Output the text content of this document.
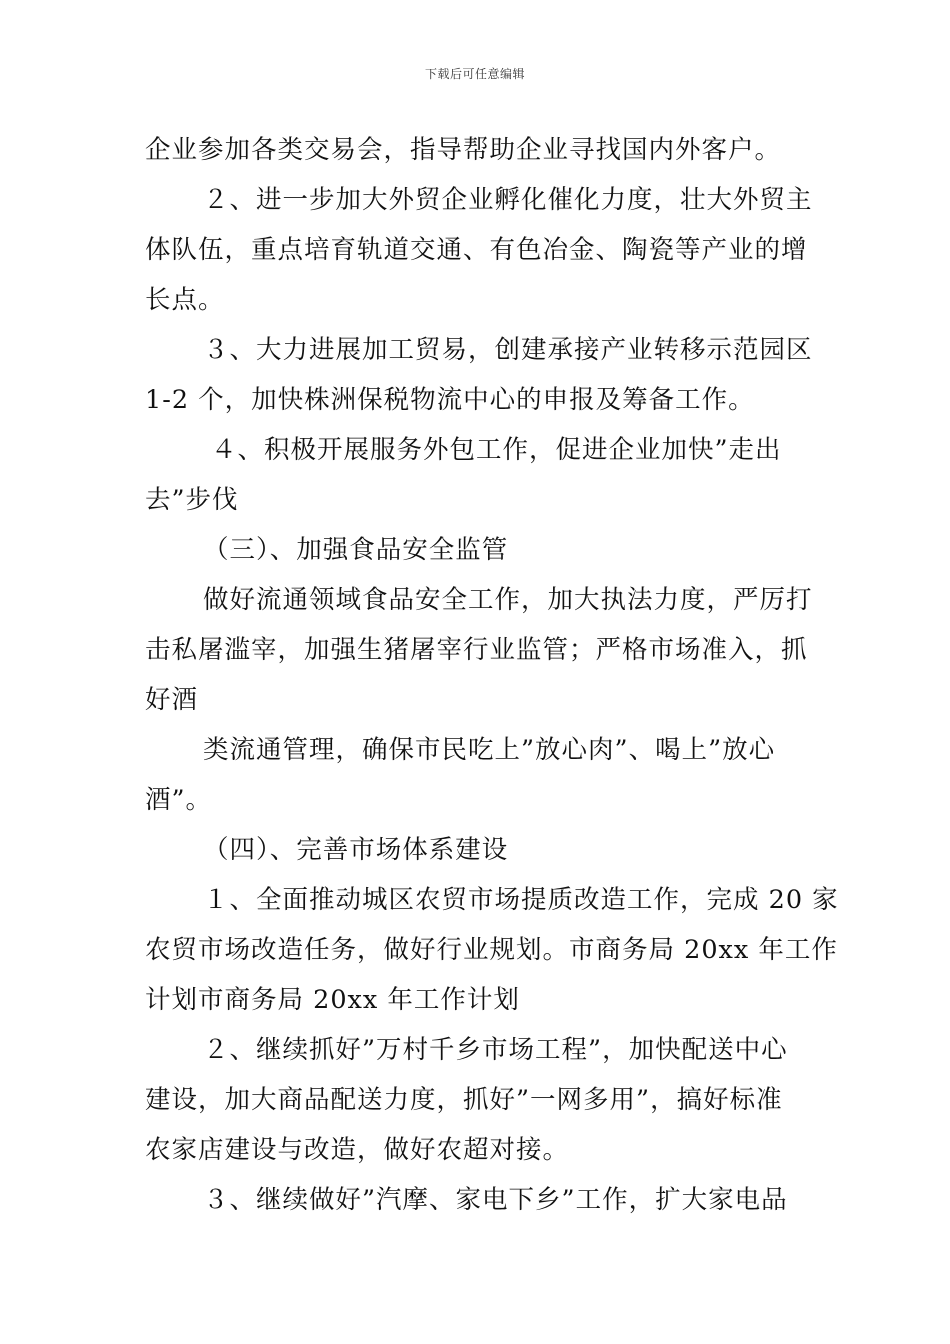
下载后可任意编辑

企业参加各类交易会，指导帮助企业寻找国内外客户。

２、进一步加大外贸企业孵化催化力度，壮大外贸主

体队伍，重点培育轨道交通、有色冶金、陶瓷等产业的增

长点。

３、大力进展加工贸易，创建承接产业转移示范园区

1-2 个，加快株洲保税物流中心的申报及筹备工作。

４、积极开展服务外包工作，促进企业加快”走出

去”步伐

（三）、加强食品安全监管

做好流通领域食品安全工作，加大执法力度，严厉打

击私屠滥宰，加强生猪屠宰行业监管；严格市场准入，抓

好酒

类流通管理，确保市民吃上”放心肉”、喝上”放心

酒”。

（四）、完善市场体系建设

１、全面推动城区农贸市场提质改造工作，完成 20 家

农贸市场改造任务，做好行业规划。市商务局 20xx 年工作

计划市商务局 20xx 年工作计划

２、继续抓好”万村千乡市场工程”，加快配送中心

建设，加大商品配送力度，抓好”一网多用”，搞好标准

农家店建设与改造，做好农超对接。

３、继续做好”汽摩、家电下乡”工作，扩大家电品
